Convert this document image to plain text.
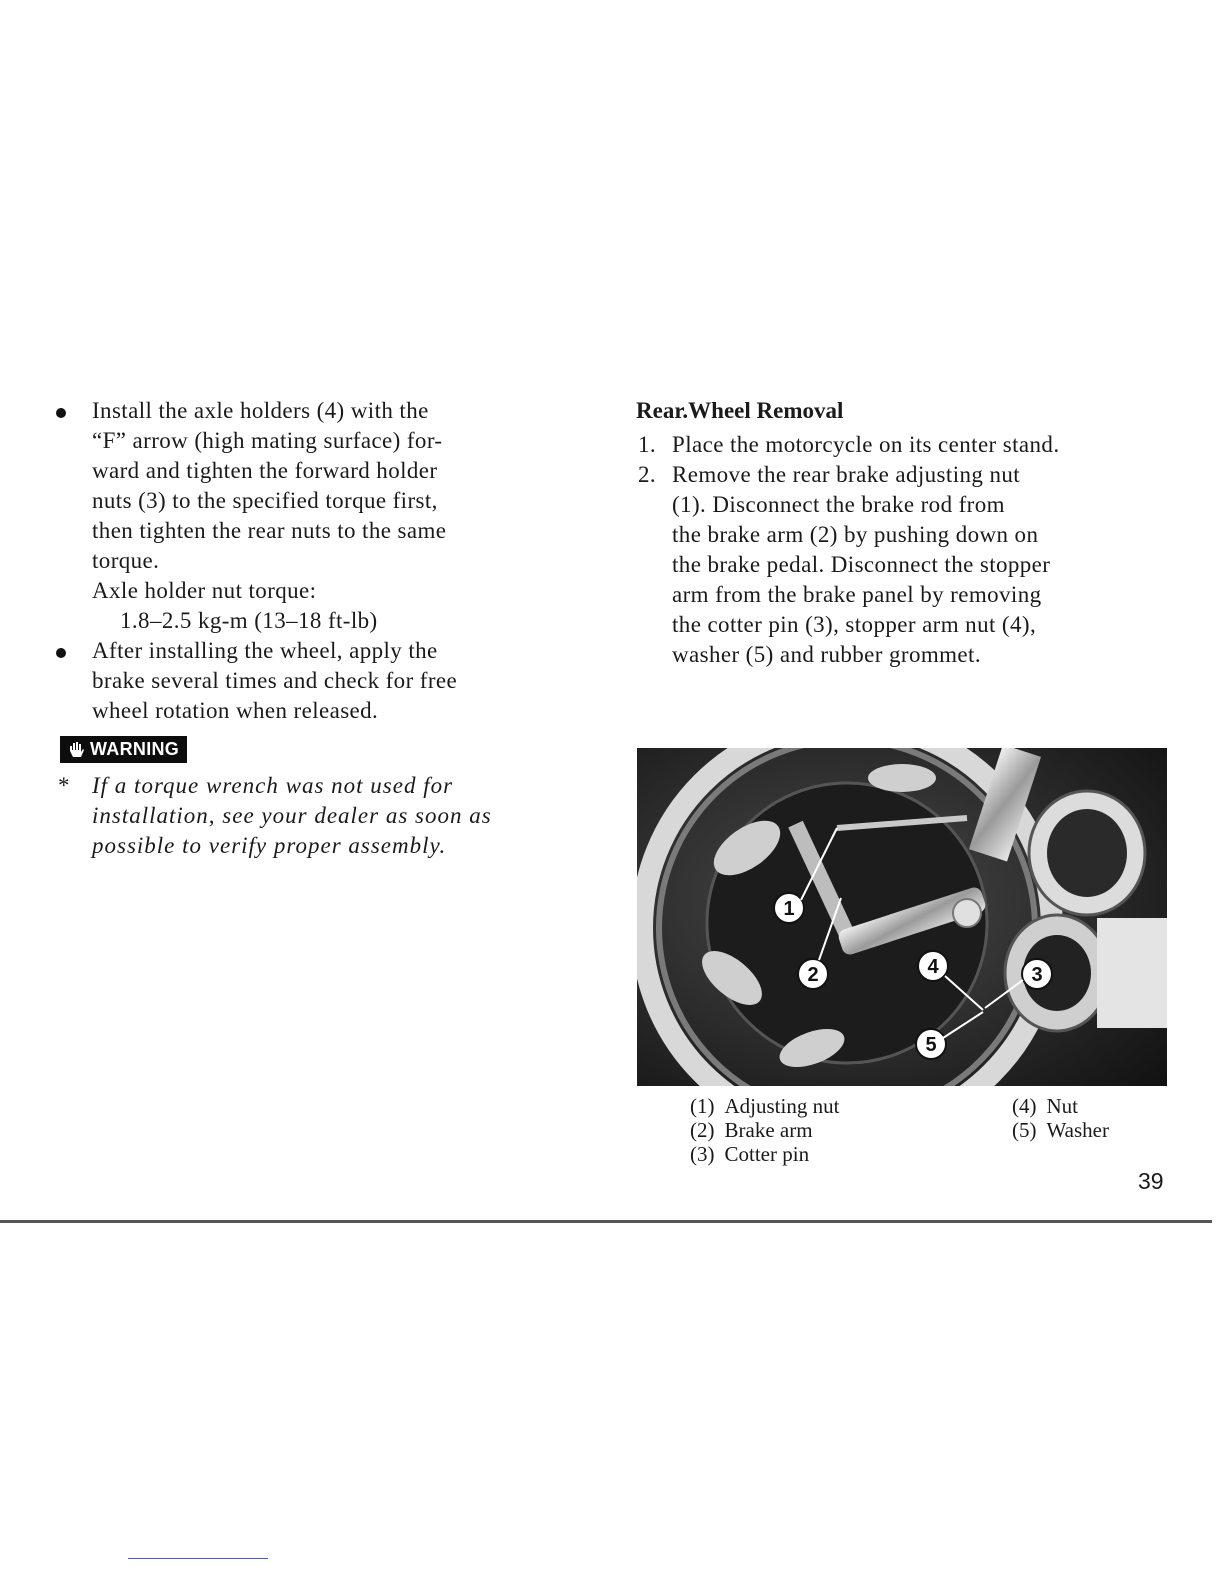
Install the axle holders (4) with the
“F” arrow (high mating surface) for-
ward and tighten the forward holder
nuts (3) to the specified torque first,
then tighten the rear nuts to the same
torque.
Axle holder nut torque:
1.8–2.5 kg-m (13–18 ft-lb)
After installing the wheel, apply the
brake several times and check for free
wheel rotation when released.
WARNING
* If a torque wrench was not used for
installation, see your dealer as soon as
possible to verify proper assembly.
Rear.Wheel Removal
1. Place the motorcycle on its center stand.
2. Remove the rear brake adjusting nut
(1). Disconnect the brake rod from
the brake arm (2) by pushing down on
the brake pedal. Disconnect the stopper
arm from the brake panel by removing
the cotter pin (3), stopper arm nut (4),
washer (5) and rubber grommet.
1
2	3
4
5
(1) Adjusting nut
(2) Brake arm
(3) Cotter pin
(4) Nut
(5) Washer
39
